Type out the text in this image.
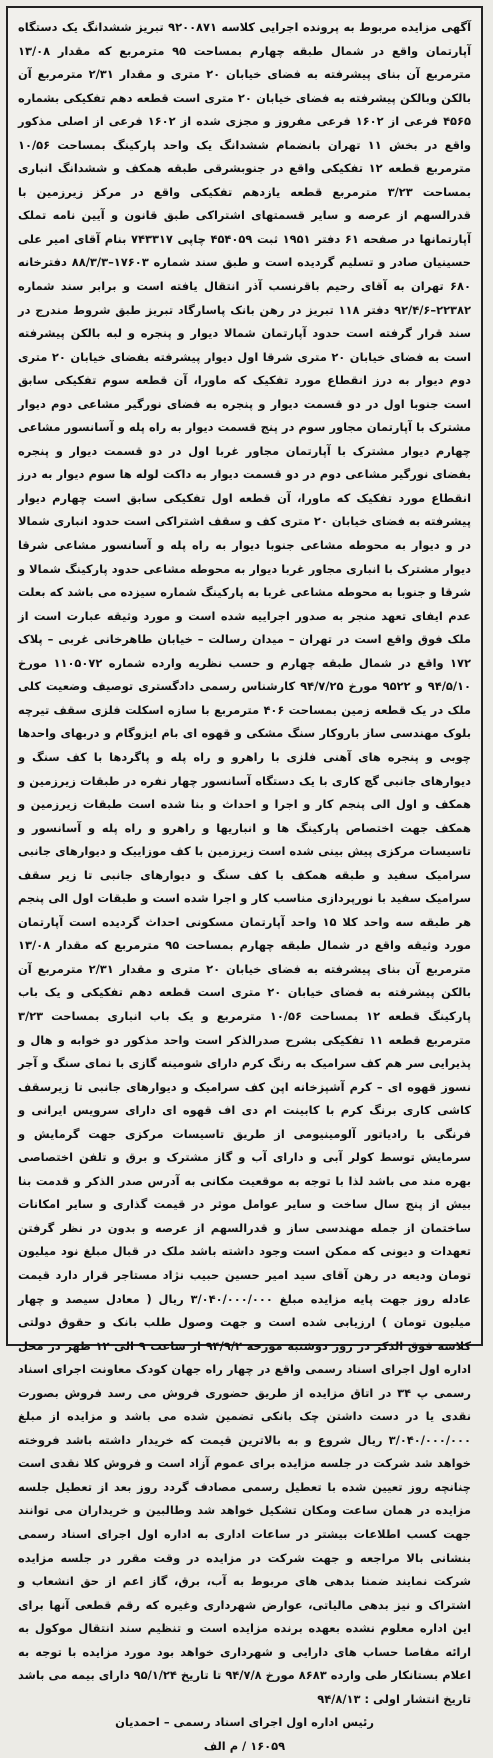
آگهی مزایده مربوط به پرونده اجرایی کلاسه ۹۲۰۰۸۷۱ تبریز ششدانگ یک دستگاه آپارتمان واقع در شمال طبقه چهارم بمساحت ۹۵ مترمربع که مقدار ۱۳/۰۸ مترمربع آن بنای پیشرفته به فضای خیابان ۲۰ متری و مقدار ۲/۳۱ مترمربع آن بالکن وبالکن پیشرفته به فضای خیابان ۲۰ متری است قطعه دهم تفکیکی بشماره ۴۵۶۵ فرعی از ۱۶۰۲ فرعی مفروز و مجزی شده از ۱۶۰۲ فرعی از اصلی مذکور واقع در بخش ۱۱ تهران بانضمام ششدانگ یک واحد پارکینگ بمساحت ۱۰/۵۶ مترمربع قطعه ۱۲ تفکیکی واقع در جنوبشرقی طبقه همکف و ششدانگ انباری بمساحت ۳/۲۳ مترمربع قطعه یازدهم تفکیکی واقع در مرکز زیرزمین با قدرالسهم از عرصه و سایر قسمتهای اشتراکی طبق قانون و آیین نامه تملک آپارتمانها در صفحه ۶۱ دفتر ۱۹۵۱ ثبت ۴۵۴۰۵۹ چاپی ۷۴۳۳۱۷ بنام آقای امیر علی حسینیان صادر و تسلیم گردیده است و طبق سند شماره ۱۷۶۰۳–۸۸/۳/۳ دفترخانه ۶۸۰ تهران به آقای رحیم باقرنسب آذر انتقال یافته است و برابر سند شماره ۲۲۳۸۲–۹۲/۴/۶ دفتر ۱۱۸ تبریز در رهن بانک پاسارگاد تبریز طبق شروط مندرج در سند قرار گرفته است حدود آپارتمان شمالا دیوار و پنجره و لبه بالکن پیشرفته است به فضای خیابان ۲۰ متری شرقا اول دیوار پیشرفته بفضای خیابان ۲۰ متری دوم دیوار به درز انقطاع مورد تفکیک که ماورا، آن قطعه سوم تفکیکی سابق است جنوبا اول در دو قسمت دیوار و پنجره به فضای نورگیر مشاعی دوم دیوار مشترک با آپارتمان مجاور سوم در پنج قسمت دیوار به راه پله و آسانسور مشاعی چهارم دیوار مشترک با آپارتمان مجاور غربا اول در دو قسمت دیوار و پنجره بفضای نورگیر مشاعی دوم در دو قسمت دیوار به داکت لوله ها سوم دیوار به درز انقطاع مورد تفکیک که ماورا، آن قطعه اول تفکیکی سابق است چهارم دیوار پیشرفته به فضای خیابان ۲۰ متری کف و سقف اشتراکی است حدود انباری شمالا در و دیوار به محوطه مشاعی جنوبا دیوار به راه پله و آسانسور مشاعی شرقا دیوار مشترک با انباری مجاور غربا دیوار به محوطه مشاعی حدود پارکینگ شمالا و شرقا و جنوبا به محوطه مشاعی غربا به پارکینگ شماره سیزده می باشد که بعلت عدم ایفای تعهد منجر به صدور اجراییه شده است و مورد وثیقه عبارت است از ملک فوق واقع است در تهران – میدان رسالت – خیابان طاهرخانی غربی – پلاک ۱۷۲ واقع در شمال طبقه چهارم و حسب نظریه وارده شماره ۱۱۰۵۰۷۲ مورخ ۹۴/۵/۱۰ و ۹۵۲۲ مورخ ۹۴/۷/۲۵ کارشناس رسمی دادگستری توصیف وضعیت کلی ملک در یک قطعه زمین بمساحت ۴۰۶ مترمربع با سازه اسکلت فلزی سقف تیرچه بلوک مهندسی ساز باروکار سنگ مشکی و قهوه ای بام ایزوگام و دربهای واحدها چوبی و پنجره های آهنی فلزی با راهرو و راه پله و پاگردها با کف سنگ و دیوارهای جانبی گچ کاری با یک دستگاه آسانسور چهار نفره در طبقات زیرزمین و همکف و اول الی پنجم کار و اجرا و احداث و بنا شده است طبقات زیرزمین و همکف جهت اختصاص پارکینگ ها و انباریها و راهرو و راه پله و آسانسور و تاسیسات مرکزی پیش بینی شده است زیرزمین با کف موزاییک و دیوارهای جانبی سرامیک سفید و طبقه همکف با کف سنگ و دیوارهای جانبی تا زیر سقف سرامیک سفید با نورپردازی مناسب کار و اجرا شده است و طبقات اول الی پنجم هر طبقه سه واحد کلا ۱۵ واحد آپارتمان مسکونی احداث گردیده است آپارتمان مورد وثیقه واقع در شمال طبقه چهارم بمساحت ۹۵ مترمربع که مقدار ۱۳/۰۸ مترمربع آن بنای پیشرفته به فضای خیابان ۲۰ متری و مقدار ۲/۳۱ مترمربع آن بالکن پیشرفته به فضای خیابان ۲۰ متری است قطعه دهم تفکیکی و یک باب پارکینگ قطعه ۱۲ بمساحت ۱۰/۵۶ مترمربع و یک باب انباری بمساحت ۳/۲۳ مترمربع قطعه ۱۱ تفکیکی بشرح صدرالذکر است واحد مذکور دو خوابه و هال و پذیرایی سر هم کف سرامیک به رنگ کرم دارای شومینه گازی با نمای سنگ و آجر نسوز قهوه ای – کرم آشپزخانه اپن کف سرامیک و دیوارهای جانبی تا زیرسقف کاشی کاری برنگ کرم با کابینت ام دی اف قهوه ای دارای سرویس ایرانی و فرنگی با رادیاتور آلومینیومی از طریق تاسیسات مرکزی جهت گرمایش و سرمایش توسط کولر آبی و دارای آب و گاز مشترک و برق و تلفن اختصاصی بهره مند می باشد لذا با توجه به موقعیت مکانی به آدرس صدر الذکر و قدمت بنا بیش از پنج سال ساخت و سایر عوامل موثر در قیمت گذاری و سایر امکانات ساختمان از جمله مهندسی ساز و قدرالسهم از عرصه و بدون در نظر گرفتن تعهدات و دیونی که ممکن است وجود داشته باشد ملک در قبال مبلغ نود میلیون تومان ودیعه در رهن آقای سید امیر حسین حبیب نژاد مستاجر قرار دارد قیمت عادله روز جهت پایه مزایده مبلغ ۳/۰۴۰/۰۰۰/۰۰۰ ریال ( معادل سیصد و چهار میلیون تومان ) ارزیابی شده است و جهت وصول طلب بانک و حقوق دولتی کلاسه فوق الذکر در روز دوشنبه مورخه ۹۴/۹/۲ از ساعت ۹ الی ۱۲ ظهر در محل اداره اول اجرای اسناد رسمی واقع در چهار راه جهان کودک معاونت اجرای اسناد رسمی پ ۳۴ در اتاق مزایده از طریق حضوری فروش می رسد فروش بصورت نقدی یا در دست داشتن چک بانکی تضمین شده می باشد و مزایده از مبلغ ۳/۰۴۰/۰۰۰/۰۰۰ ریال شروع و به بالاترین قیمت که خریدار داشته باشد فروخته خواهد شد شرکت در جلسه مزایده برای عموم آزاد است و فروش کلا نقدی است چنانچه روز تعیین شده با تعطیل رسمی مصادف گردد روز بعد از تعطیل جلسه مزایده در همان ساعت ومکان تشکیل خواهد شد وطالبین و خریداران می توانند جهت کسب اطلاعات بیشتر در ساعات اداری به اداره اول اجرای اسناد رسمی بنشانی بالا مراجعه و جهت شرکت در مزایده در وقت مقرر در جلسه مزایده شرکت نمایند ضمنا بدهی های مربوط به آب، برق، گاز اعم از حق انشعاب و اشتراک و نیز بدهی مالیاتی، عوارض شهرداری وغیره که رقم قطعی آنها برای این اداره معلوم نشده بعهده برنده مزایده است و تنظیم سند انتقال موکول به ارائه مفاصا حساب های دارایی و شهرداری خواهد بود مورد مزایده با توجه به اعلام بستانکار طی وارده ۸۶۸۳ مورخ ۹۴/۷/۸ تا تاریخ ۹۵/۱/۲۴ دارای بیمه می باشد تاریخ انتشار اولی : ۹۴/۸/۱۳

رئیس اداره اول اجرای اسناد رسمی – احمدیان

۱۶۰۵۹ / م الف
